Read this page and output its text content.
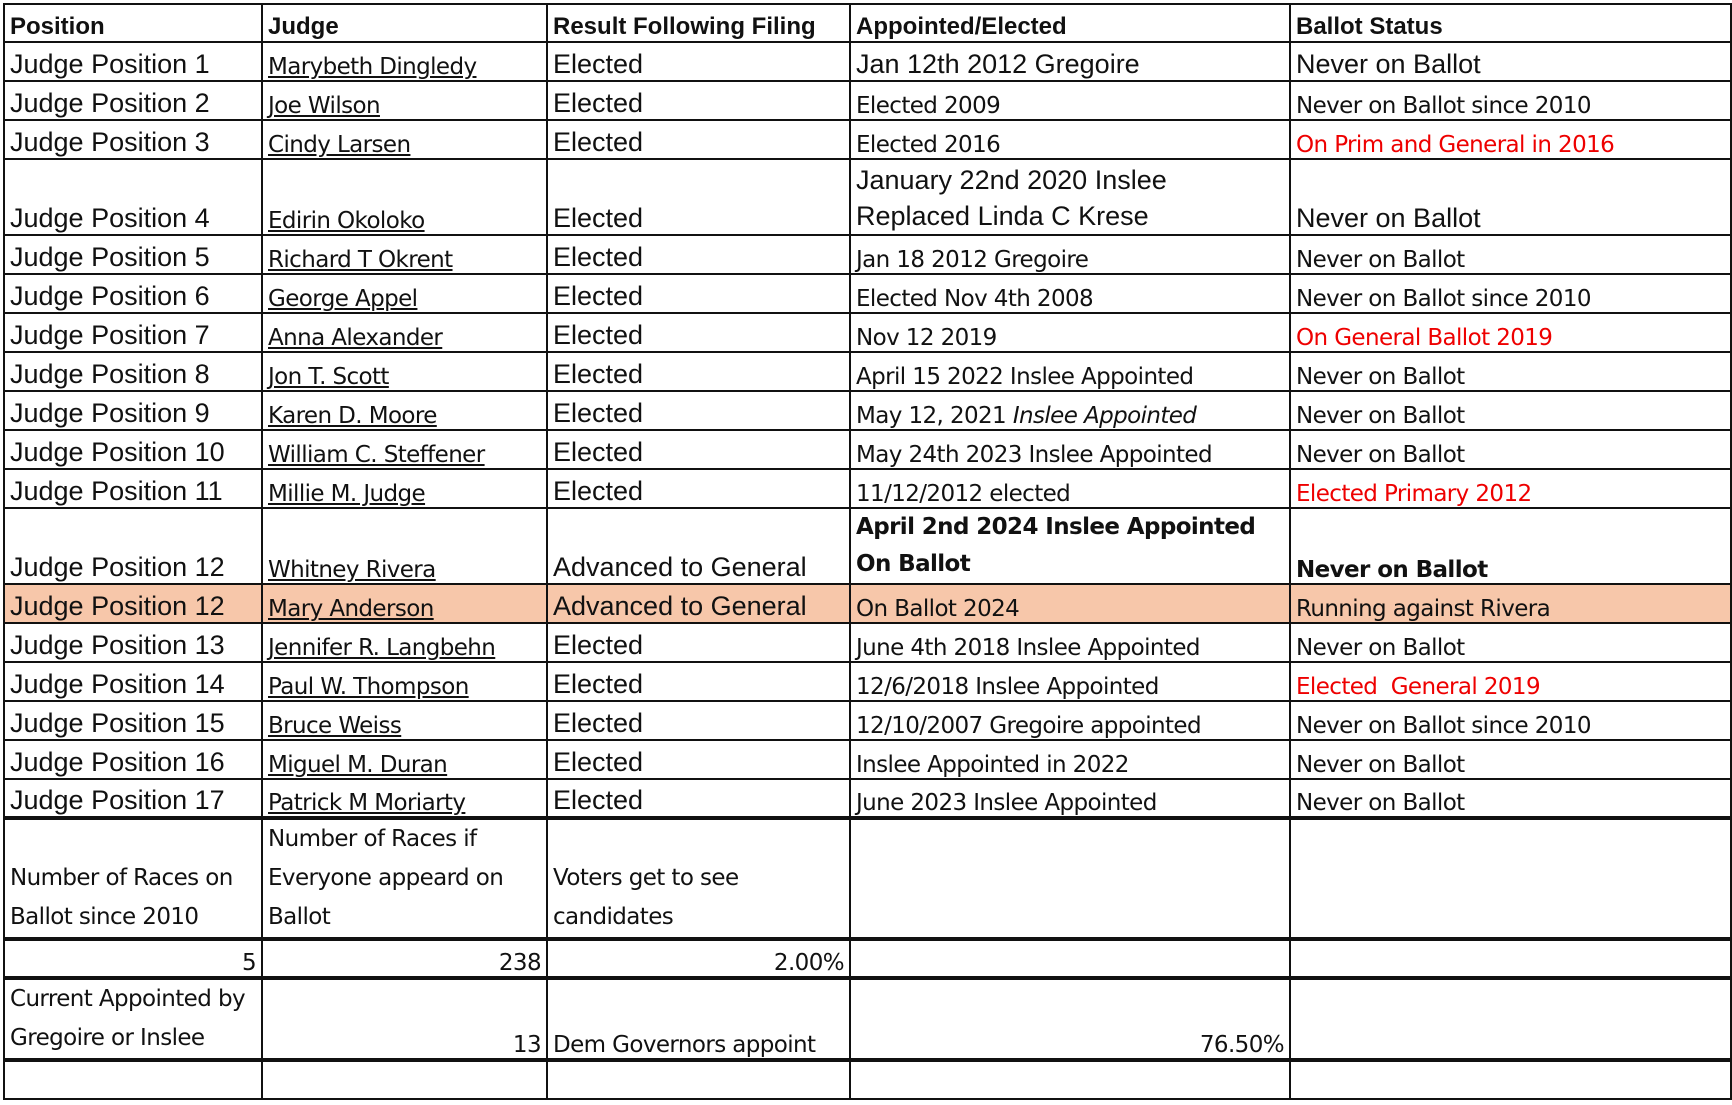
Position	Judge	Result Following Filing	Appointed/Elected	Ballot Status
Judge Position 1	Marybeth Dingledy	Elected	Jan 12th 2012 Gregoire	Never on Ballot
Judge Position 2	Joe Wilson	Elected	Elected 2009	Never on Ballot since 2010
Judge Position 3	Cindy Larsen	Elected	Elected 2016	On Prim and General in 2016
Judge Position 4	Edirin Okoloko	Elected	January 22nd 2020 Inslee Replaced Linda C Krese	Never on Ballot
Judge Position 5	Richard T Okrent	Elected	Jan 18 2012 Gregoire	Never on Ballot
Judge Position 6	George Appel	Elected	Elected Nov 4th 2008	Never on Ballot since 2010
Judge Position 7	Anna Alexander	Elected	Nov 12 2019	On General Ballot 2019
Judge Position 8	Jon T. Scott	Elected	April 15 2022 Inslee Appointed	Never on Ballot
Judge Position 9	Karen D. Moore	Elected	May 12, 2021 Inslee Appointed	Never on Ballot
Judge Position 10	William C. Steffener	Elected	May 24th 2023 Inslee Appointed	Never on Ballot
Judge Position 11	Millie M. Judge	Elected	11/12/2012 elected	Elected Primary 2012
Judge Position 12	Whitney Rivera	Advanced to General	April 2nd 2024 Inslee Appointed On Ballot	Never on Ballot
Judge Position 12	Mary Anderson	Advanced to General	On Ballot 2024	Running against Rivera
Judge Position 13	Jennifer R. Langbehn	Elected	June 4th 2018 Inslee Appointed	Never on Ballot
Judge Position 14	Paul W. Thompson	Elected	12/6/2018 Inslee Appointed	Elected  General 2019
Judge Position 15	Bruce Weiss	Elected	12/10/2007 Gregoire appointed	Never on Ballot since 2010
Judge Position 16	Miguel M. Duran	Elected	Inslee Appointed in 2022	Never on Ballot
Judge Position 17	Patrick M Moriarty	Elected	June 2023 Inslee Appointed	Never on Ballot
Number of Races on Ballot since 2010	Number of Races if Everyone appeard on Ballot	Voters get to see candidates		
5	238	2.00%		
Current Appointed by Gregoire or Inslee	13	Dem Governors appoint	76.50%	
